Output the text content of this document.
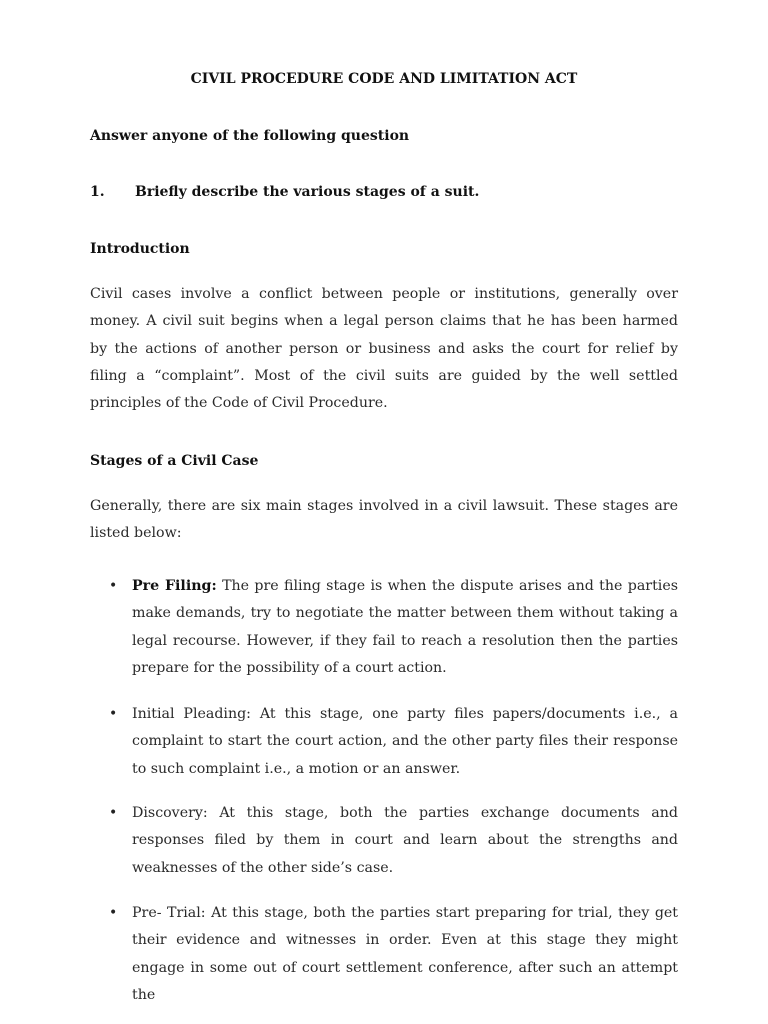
CIVIL PROCEDURE CODE AND LIMITATION ACT
Answer anyone of the following question
1. Briefly describe the various stages of a suit.
Introduction
Civil cases involve a conflict between people or institutions, generally over money. A civil suit begins when a legal person claims that he has been harmed by the actions of another person or business and asks the court for relief by filing a “complaint”. Most of the civil suits are guided by the well settled principles of the Code of Civil Procedure.
Stages of a Civil Case
Generally, there are six main stages involved in a civil lawsuit. These stages are listed below:
• Pre Filing: The pre filing stage is when the dispute arises and the parties make demands, try to negotiate the matter between them without taking a legal recourse. However, if they fail to reach a resolution then the parties prepare for the possibility of a court action.
• Initial Pleading: At this stage, one party files papers/documents i.e., a complaint to start the court action, and the other party files their response to such complaint i.e., a motion or an answer.
• Discovery: At this stage, both the parties exchange documents and responses filed by them in court and learn about the strengths and weaknesses of the other side’s case.
• Pre- Trial: At this stage, both the parties start preparing for trial, they get their evidence and witnesses in order. Even at this stage they might engage in some out of court settlement conference, after such an attempt the
